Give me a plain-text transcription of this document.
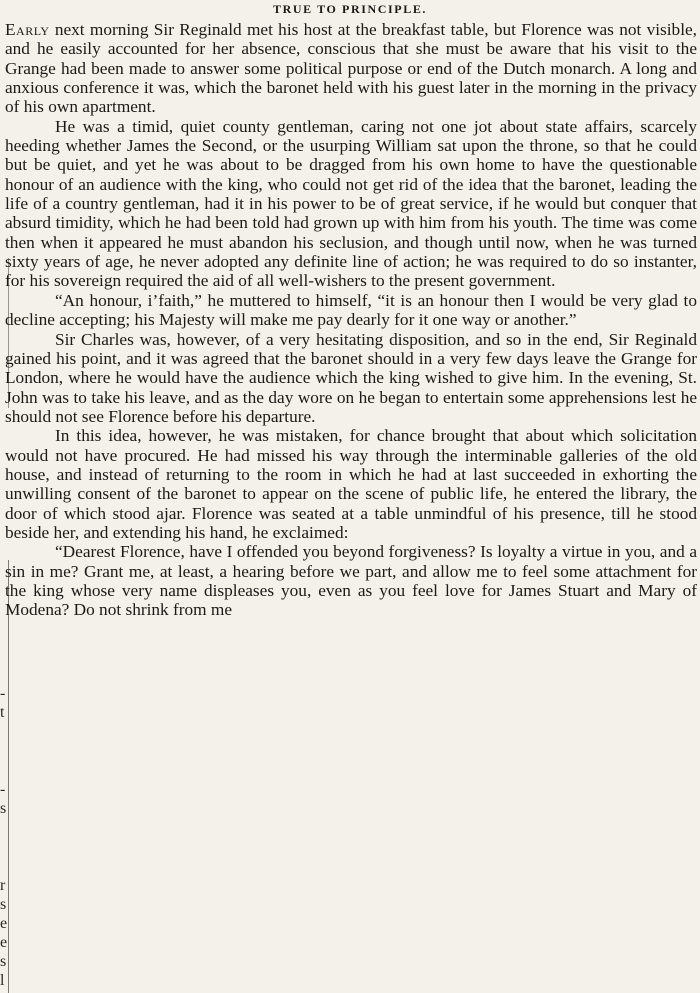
TRUE TO PRINCIPLE.
-
t
-
s
r
s
e
e
s
l

Early next morning Sir Reginald met his host at the breakfast table, but Florence was not visible, and he easily accounted for her absence, conscious that she must be aware that his visit to the Grange had been made to answer some political purpose or end of the Dutch monarch. A long and anxious conference it was, which the baronet held with his guest later in the morning in the privacy of his own apartment.

He was a timid, quiet county gentleman, caring not one jot about state affairs, scarcely heeding whether James the Second, or the usurping William sat upon the throne, so that he could but be quiet, and yet he was about to be dragged from his own home to have the questionable honour of an audience with the king, who could not get rid of the idea that the baronet, leading the life of a country gentleman, had it in his power to be of great service, if he would but conquer that absurd timidity, which he had been told had grown up with him from his youth. The time was come then when it appeared he must abandon his seclusion, and though until now, when he was turned sixty years of age, he never adopted any definite line of action; he was required to do so instanter, for his sovereign required the aid of all well-wishers to the present government.

“An honour, i’faith,” he muttered to himself, “it is an honour then I would be very glad to decline accepting; his Majesty will make me pay dearly for it one way or another.”

Sir Charles was, however, of a very hesitating disposition, and so in the end, Sir Reginald gained his point, and it was agreed that the baronet should in a very few days leave the Grange for London, where he would have the audience which the king wished to give him. In the evening, St. John was to take his leave, and as the day wore on he began to entertain some apprehensions lest he should not see Florence before his departure.

In this idea, however, he was mistaken, for chance brought that about which solicitation would not have procured. He had missed his way through the interminable galleries of the old house, and instead of returning to the room in which he had at last succeeded in exhorting the unwilling consent of the baronet to appear on the scene of public life, he entered the library, the door of which stood ajar. Florence was seated at a table unmindful of his presence, till he stood beside her, and extending his hand, he exclaimed:

“Dearest Florence, have I offended you beyond forgiveness? Is loyalty a virtue in you, and a sin in me? Grant me, at least, a hearing before we part, and allow me to feel some attachment for the king whose very name displeases you, even as you feel love for James Stuart and Mary of Modena? Do not shrink from me
